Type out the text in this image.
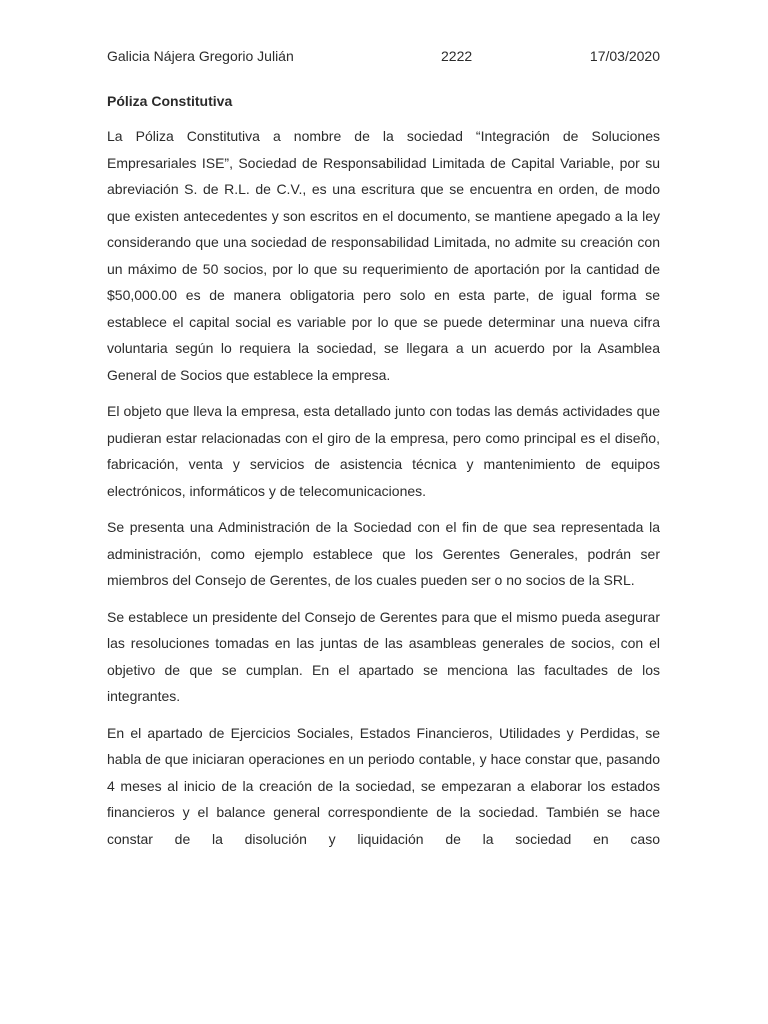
Galicia Nájera Gregorio Julián	2222	17/03/2020
Póliza Constitutiva

La Póliza Constitutiva a nombre de la sociedad “Integración de Soluciones Empresariales ISE”, Sociedad de Responsabilidad Limitada de Capital Variable, por su abreviación S. de R.L. de C.V., es una escritura que se encuentra en orden, de modo que existen antecedentes y son escritos en el documento, se mantiene apegado a la ley considerando que una sociedad de responsabilidad Limitada, no admite su creación con un máximo de 50 socios, por lo que su requerimiento de aportación por la cantidad de $50,000.00 es de manera obligatoria pero solo en esta parte, de igual forma se establece el capital social es variable por lo que se puede determinar una nueva cifra voluntaria según lo requiera la sociedad, se llegara a un acuerdo por la Asamblea General de Socios que establece la empresa.

El objeto que lleva la empresa, esta detallado junto con todas las demás actividades que pudieran estar relacionadas con el giro de la empresa, pero como principal es el diseño, fabricación, venta y servicios de asistencia técnica y mantenimiento de equipos electrónicos, informáticos y de telecomunicaciones.

Se presenta una Administración de la Sociedad con el fin de que sea representada la administración, como ejemplo establece que los Gerentes Generales, podrán ser miembros del Consejo de Gerentes, de los cuales pueden ser o no socios de la SRL.

Se establece un presidente del Consejo de Gerentes para que el mismo pueda asegurar las resoluciones tomadas en las juntas de las asambleas generales de socios, con el objetivo de que se cumplan. En el apartado se menciona las facultades de los integrantes.

En el apartado de Ejercicios Sociales, Estados Financieros, Utilidades y Perdidas, se habla de que iniciaran operaciones en un periodo contable, y hace constar que, pasando 4 meses al inicio de la creación de la sociedad, se empezaran a elaborar los estados financieros y el balance general correspondiente de la sociedad. También se hace constar de la disolución y liquidación de la sociedad en caso
